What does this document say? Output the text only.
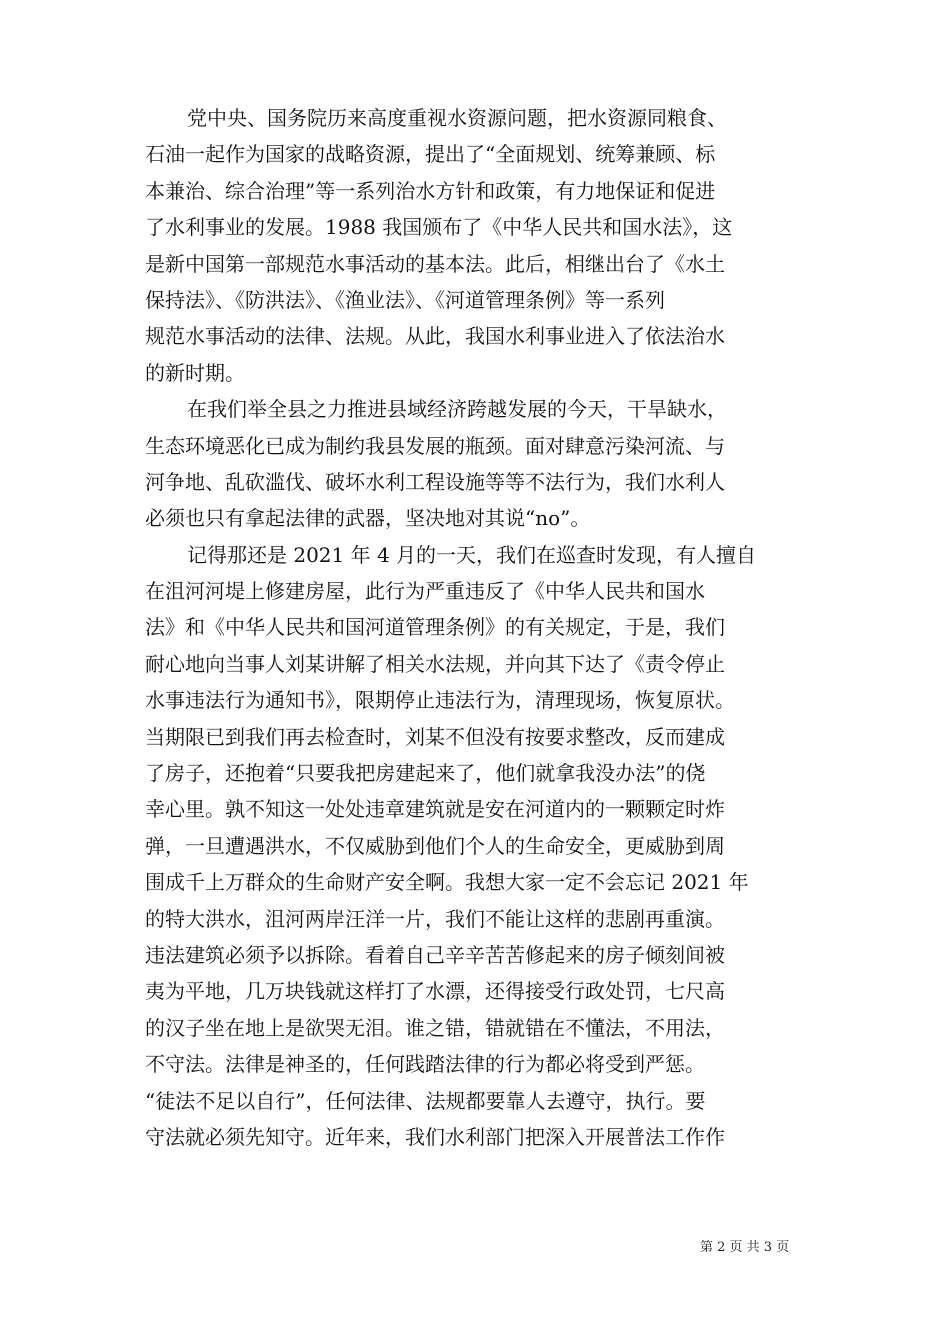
党中央、国务院历来高度重视水资源问题，把水资源同粮食、
石油一起作为国家的战略资源，提出了“全面规划、统筹兼顾、标
本兼治、综合治理”等一系列治水方针和政策，有力地保证和促进
了水利事业的发展。1988 我国颁布了《中华人民共和国水法》，这
是新中国第一部规范水事活动的基本法。此后，相继出台了《水土
保持法》、《防洪法》、《渔业法》、《河道管理条例》等一系列
规范水事活动的法律、法规。从此，我国水利事业进入了依法治水
的新时期。
在我们举全县之力推进县域经济跨越发展的今天，干旱缺水，
生态环境恶化已成为制约我县发展的瓶颈。面对肆意污染河流、与
河争地、乱砍滥伐、破坏水利工程设施等等不法行为，我们水利人
必须也只有拿起法律的武器，坚决地对其说“no”。
记得那还是 2021 年 4 月的一天，我们在巡查时发现，有人擅自
在沮河河堤上修建房屋，此行为严重违反了《中华人民共和国水
法》和《中华人民共和国河道管理条例》的有关规定，于是，我们
耐心地向当事人刘某讲解了相关水法规，并向其下达了《责令停止
水事违法行为通知书》，限期停止违法行为，清理现场，恢复原状。
当期限已到我们再去检查时，刘某不但没有按要求整改，反而建成
了房子，还抱着“只要我把房建起来了，他们就拿我没办法”的侥
幸心里。孰不知这一处处违章建筑就是安在河道内的一颗颗定时炸
弹，一旦遭遇洪水，不仅威胁到他们个人的生命安全，更威胁到周
围成千上万群众的生命财产安全啊。我想大家一定不会忘记 2021 年
的特大洪水，沮河两岸汪洋一片，我们不能让这样的悲剧再重演。
违法建筑必须予以拆除。看着自己辛辛苦苦修起来的房子倾刻间被
夷为平地，几万块钱就这样打了水漂，还得接受行政处罚，七尺高
的汉子坐在地上是欲哭无泪。谁之错，错就错在不懂法，不用法，
不守法。法律是神圣的，任何践踏法律的行为都必将受到严惩。
“徒法不足以自行”，任何法律、法规都要靠人去遵守，执行。要
守法就必须先知守。近年来，我们水利部门把深入开展普法工作作
第 2 页 共 3 页
